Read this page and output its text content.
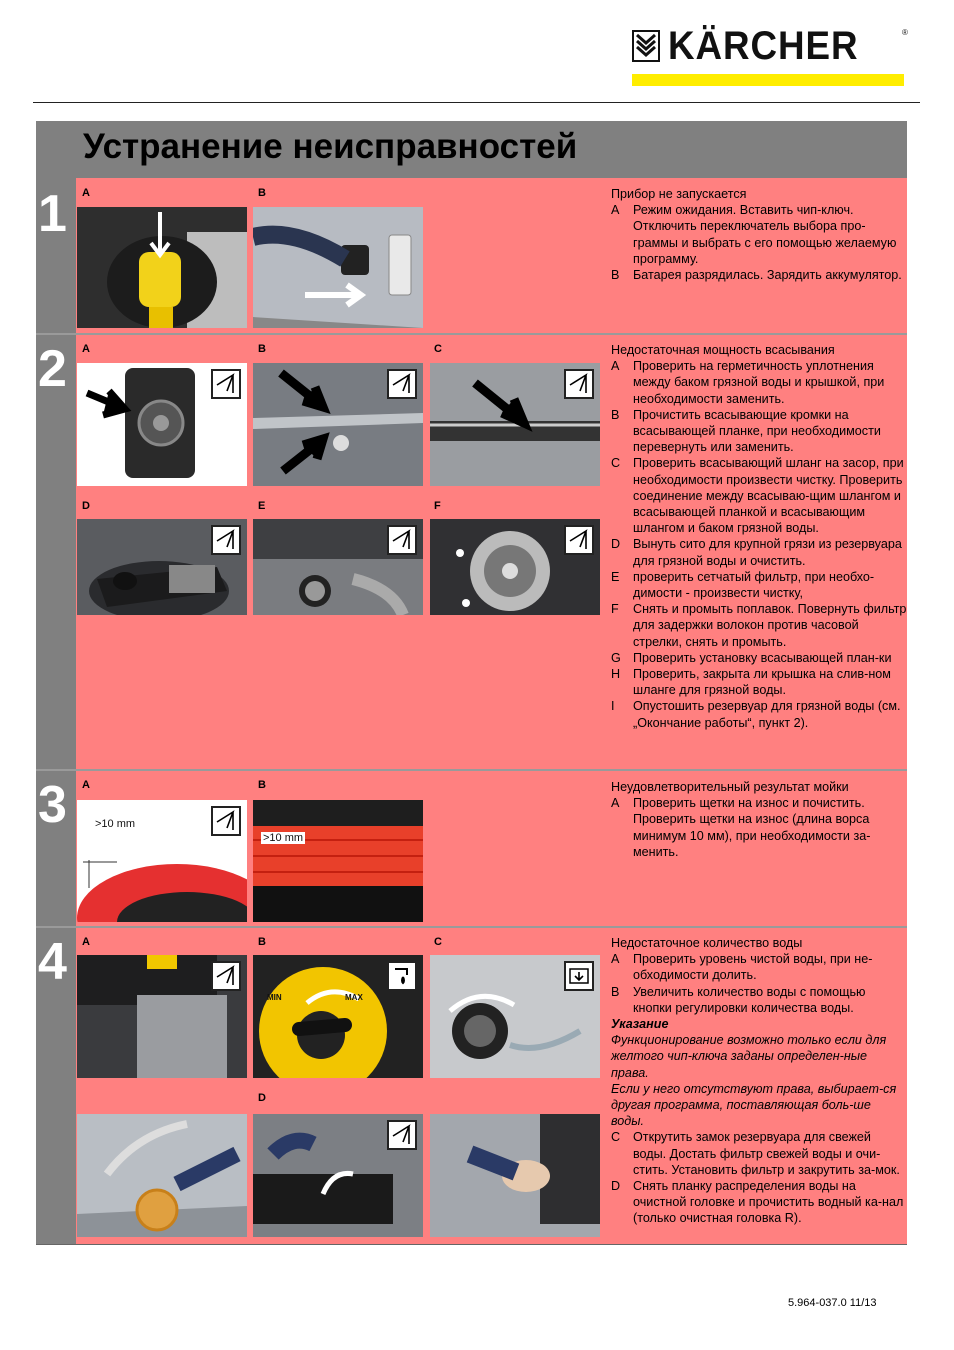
KÄRCHER	®
Устранение неисправностей
1 A	B	Прибор не запускается

A	Режим ожидания. Вставить чип-ключ. Отключить переключатель выбора про-граммы и выбрать с его помощью желаемую программу.
B	Батарея разрядилась. Зарядить аккумулятор.
2 A	B	C
D	E	F

Недостаточная мощность всасывания

A	Проверить на герметичность уплотнения между баком грязной воды и крышкой, при необходимости заменить.
B	Прочистить всасывающие кромки на всасывающей планке, при необходимости перевернуть или заменить.
C	Проверить всасывающий шланг на засор, при необходимости произвести чистку. Проверить соединение между всасываю-щим шлангом и всасывающей планкой и всасывающим шлангом и баком грязной воды.
D	Вынуть сито для крупной грязи из резервуара для грязной воды и очистить.
E	проверить сетчатый фильтр, при необхо-димости - произвести чистку,
F	Снять и промыть поплавок. Повернуть фильтр для задержки волокон против часовой стрелки, снять и промыть.
G Проверить установку всасывающей план-ки
H	Проверить, закрыта ли крышка на слив-ном шланге для грязной воды.
I	Опустошить резервуар для грязной воды (см. „Окончание работы“, пункт 2).
3 A	B
>10 mm
>10 mm

Неудовлетворительный результат мойки

A	Проверить щетки на износ и почистить. Проверить щетки на износ (длина ворса минимум 10 мм), при необходимости за-менить.
4 A	B	C
MIN	MAX
D

Недостаточное количество воды

A	Проверить уровень чистой воды, при не-обходимости долить.
B	Увеличить количество воды с помощью кнопки регулировки количества воды.

Указание

Функционирование возможно только если для желтого чип-ключа заданы определен-ные права.

Если у него отсутствуют права, выбирает-ся другая программа, поставляющая боль-ше воды.

C	Открутить замок резервуара для свежей воды. Достать фильтр свежей воды и очи-стить. Установить фильтр и закрутить за-мок.
D	Снять планку распределения воды на очистной головке и прочистить водный ка-нал (только очистная головка R).
5.964-037.0 11/13
